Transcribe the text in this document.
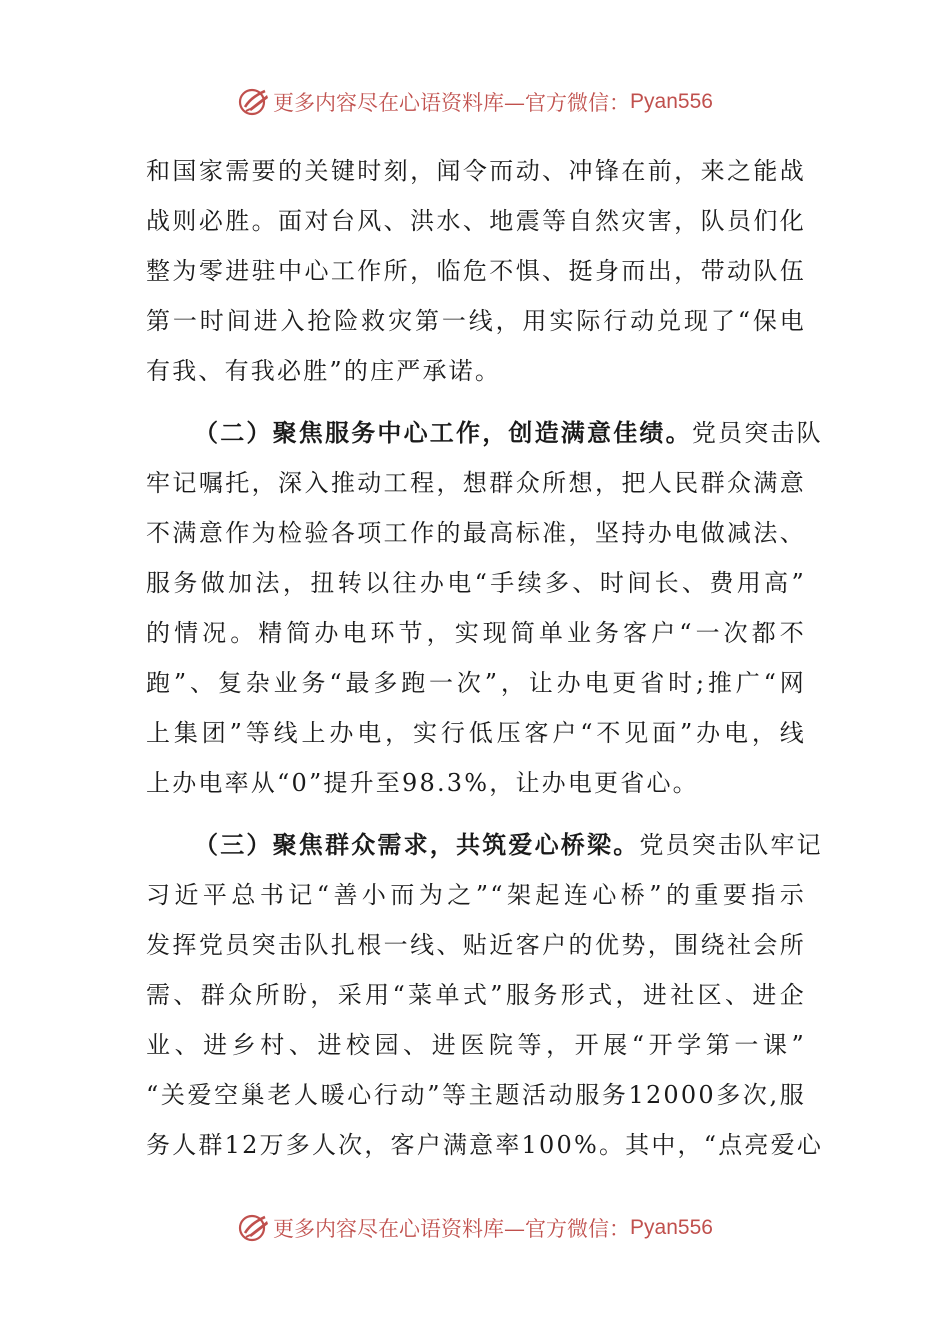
更多内容尽在心语资料库—官方微信： Pyan556
和国家需要的关键时刻，闻令而动、冲锋在前，来之能战
战则必胜。面对台风、洪水、地震等自然灾害，队员们化
整为零进驻中心工作所，临危不惧、挺身而出，带动队伍
第一时间进入抢险救灾第一线，用实际行动兑现了“保电
有我、有我必胜”的庄严承诺。
（二）聚焦服务中心工作，创造满意佳绩。党员突击队
牢记嘱托，深入推动工程，想群众所想，把人民群众满意
不满意作为检验各项工作的最高标准，坚持办电做减法、
服务做加法，扭转以往办电“手续多、时间长、费用高”
的情况。精简办电环节，实现简单业务客户“一次都不
跑”、复杂业务“最多跑一次”，让办电更省时;推广“网
上集团”等线上办电，实行低压客户“不见面”办电，线
上办电率从“0”提升至98.3%，让办电更省心。
（三）聚焦群众需求，共筑爱心桥梁。党员突击队牢记
习近平总书记“善小而为之”“架起连心桥”的重要指示
发挥党员突击队扎根一线、贴近客户的优势，围绕社会所
需、群众所盼，采用“菜单式”服务形式，进社区、进企
业、进乡村、进校园、进医院等，开展“开学第一课”
“关爱空巢老人暖心行动”等主题活动服务12000多次,服
务人群12万多人次，客户满意率100%。其中，“点亮爱心
更多内容尽在心语资料库—官方微信： Pyan556
